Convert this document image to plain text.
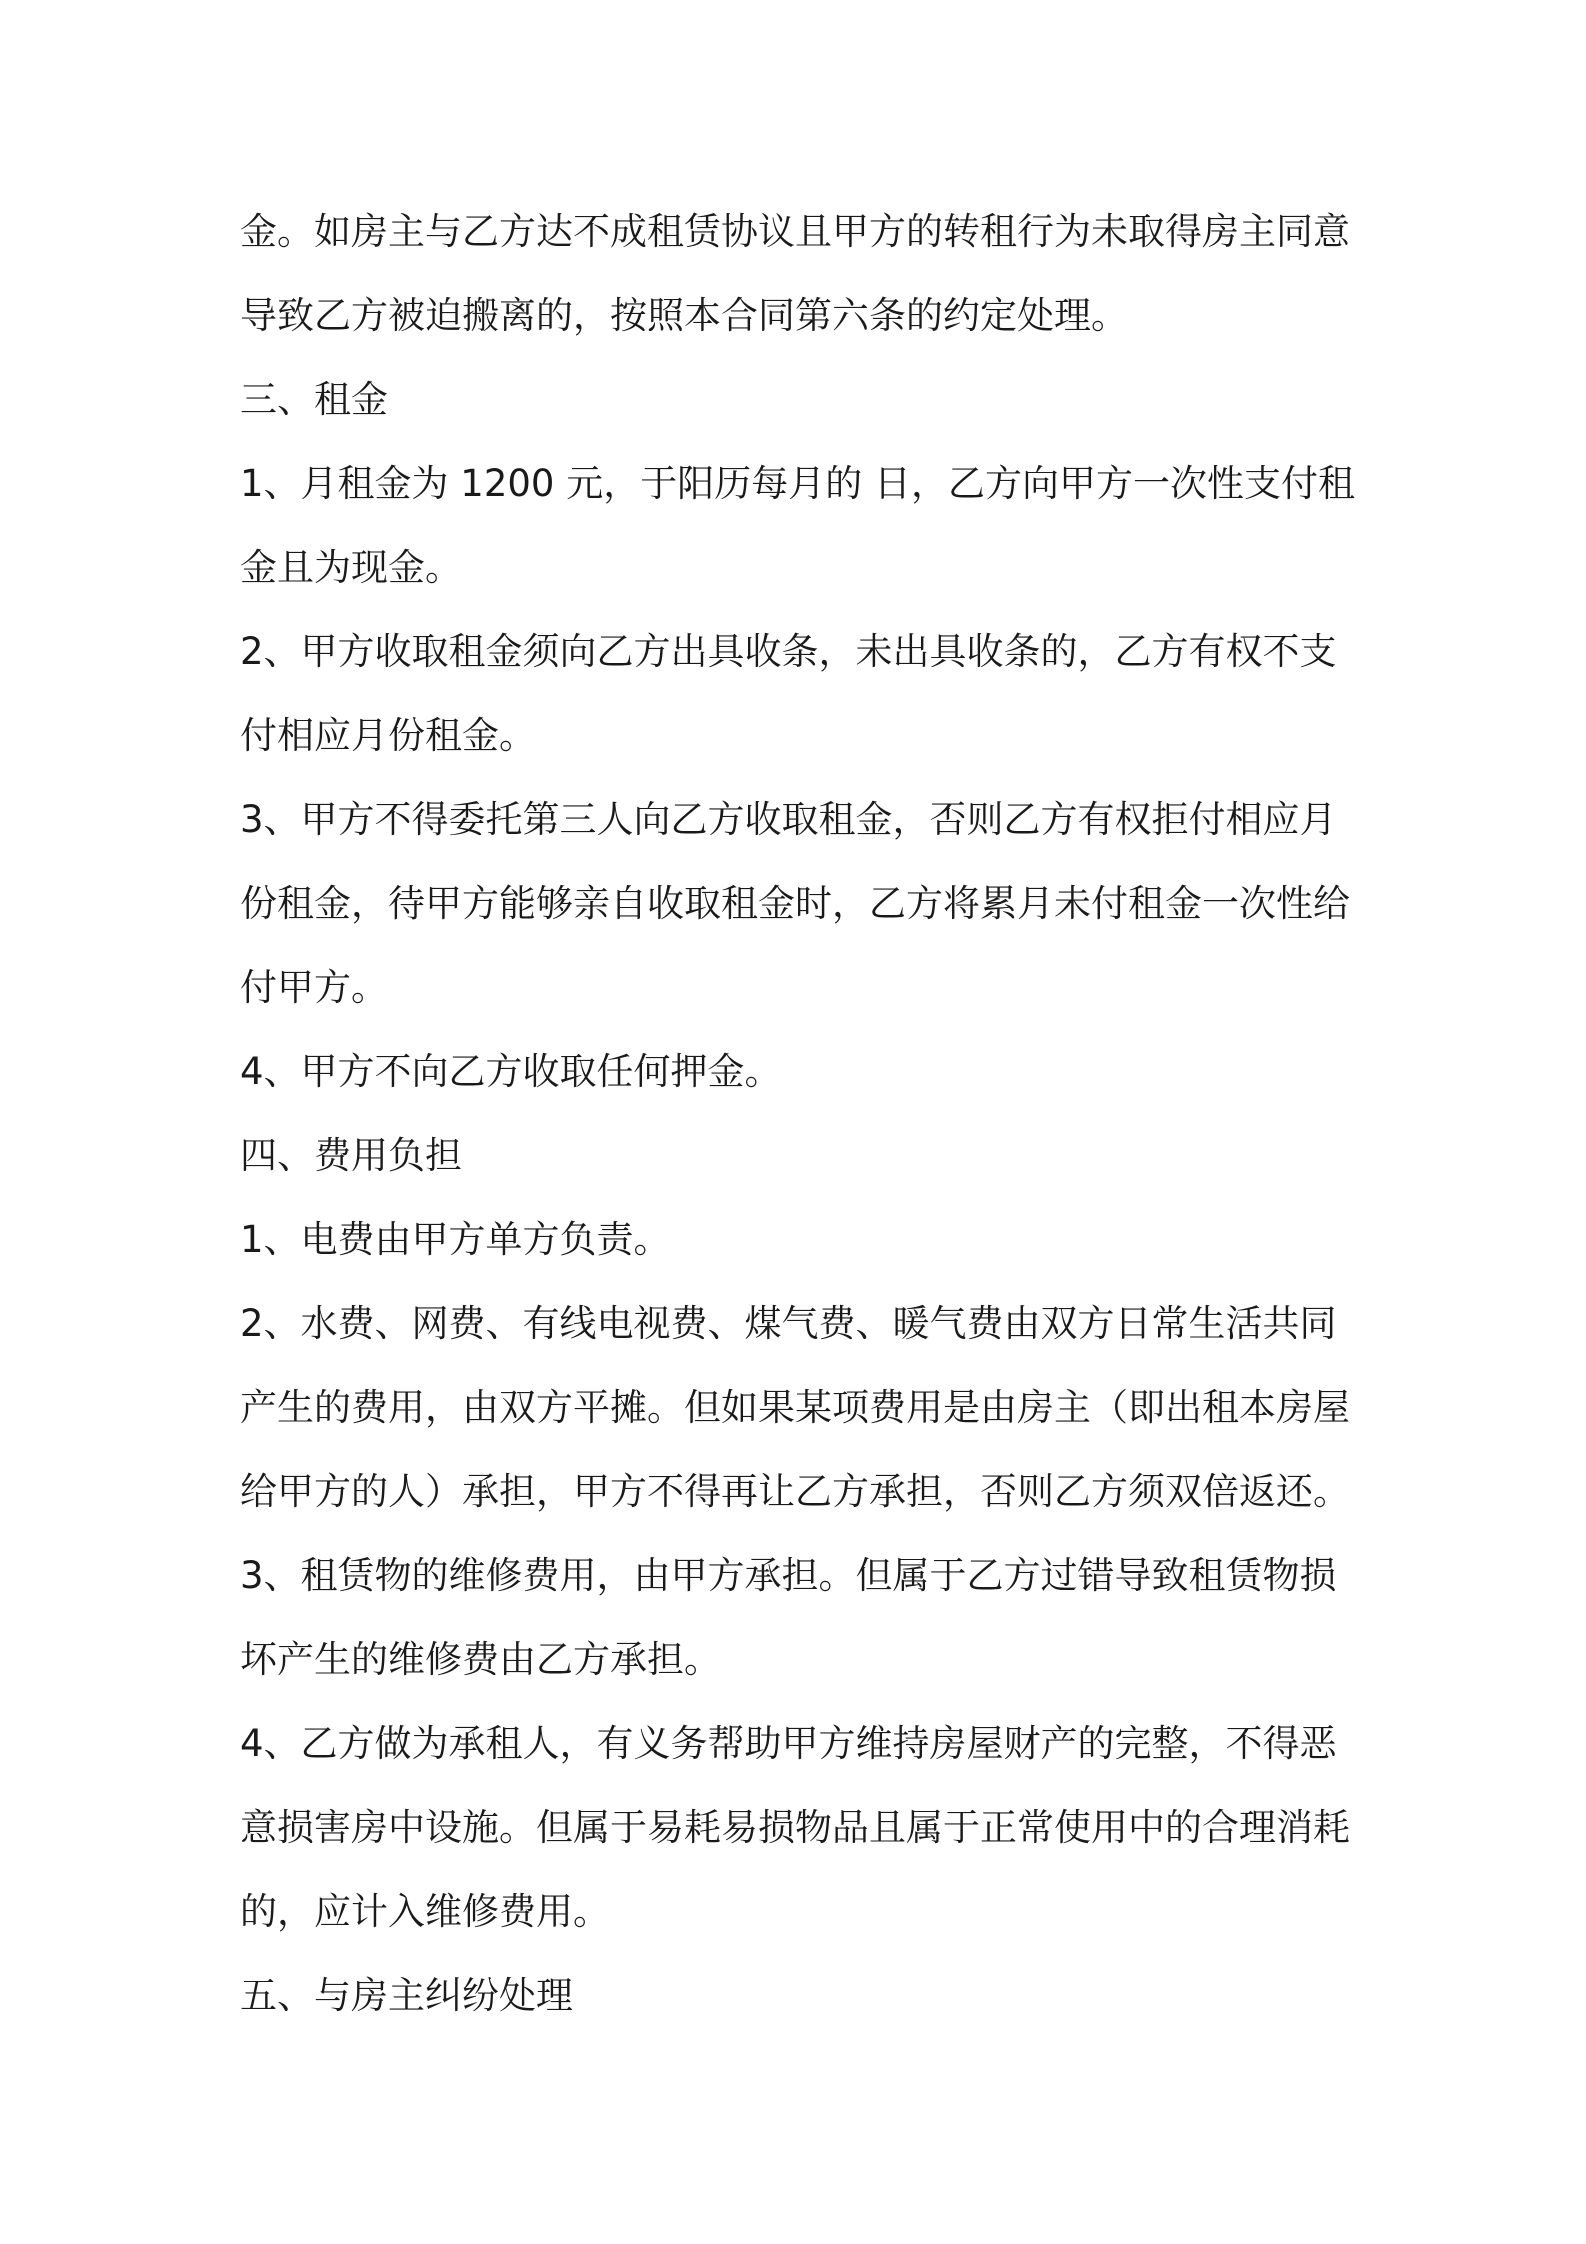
金。如房主与乙方达不成租赁协议且甲方的转租行为未取得房主同意
导致乙方被迫搬离的，按照本合同第六条的约定处理。
三、租金
1、月租金为 1200 元，于阳历每月的 日，乙方向甲方一次性支付租
金且为现金。
2、甲方收取租金须向乙方出具收条，未出具收条的，乙方有权不支
付相应月份租金。
3、甲方不得委托第三人向乙方收取租金，否则乙方有权拒付相应月
份租金，待甲方能够亲自收取租金时，乙方将累月未付租金一次性给
付甲方。
4、甲方不向乙方收取任何押金。
四、费用负担
1、电费由甲方单方负责。
2、水费、网费、有线电视费、煤气费、暖气费由双方日常生活共同
产生的费用，由双方平摊。但如果某项费用是由房主（即出租本房屋
给甲方的人）承担，甲方不得再让乙方承担，否则乙方须双倍返还。
3、租赁物的维修费用，由甲方承担。但属于乙方过错导致租赁物损
坏产生的维修费由乙方承担。
4、乙方做为承租人，有义务帮助甲方维持房屋财产的完整，不得恶
意损害房中设施。但属于易耗易损物品且属于正常使用中的合理消耗
的，应计入维修费用。
五、与房主纠纷处理
